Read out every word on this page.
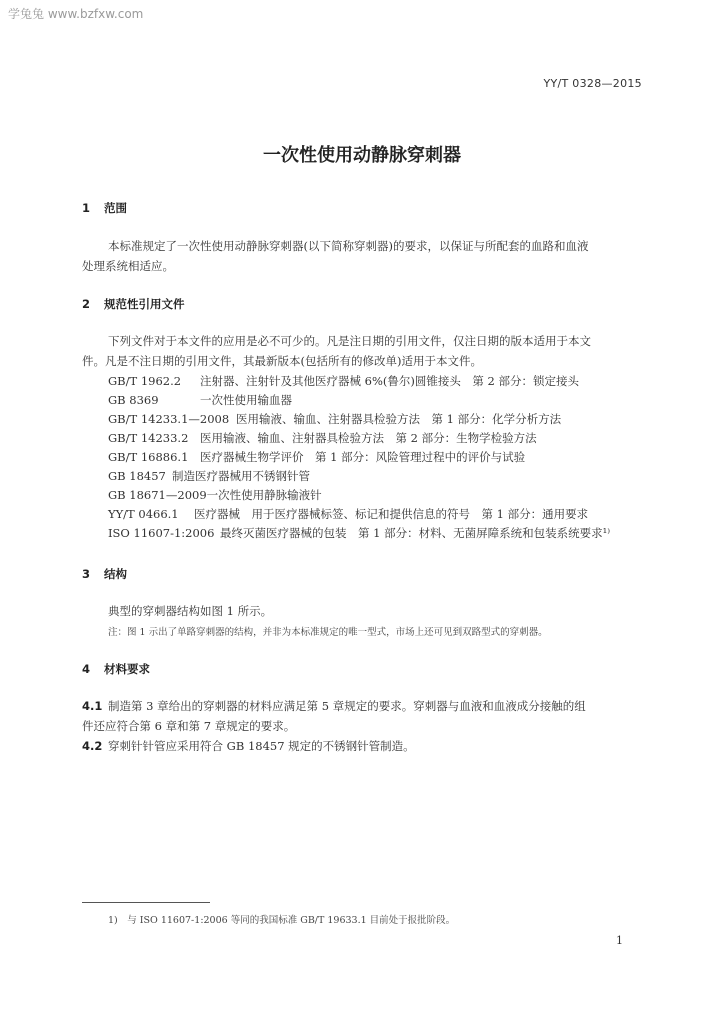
学兔兔 www.bzfxw.com
YY/T 0328—2015
一次性使用动静脉穿刺器
1 范围
本标准规定了一次性使用动静脉穿刺器(以下简称穿刺器)的要求，以保证与所配套的血路和血液
处理系统相适应。
2 规范性引用文件
下列文件对于本文件的应用是必不可少的。凡是注日期的引用文件，仅注日期的版本适用于本文
件。凡是不注日期的引用文件，其最新版本(包括所有的修改单)适用于本文件。
GB/T 1962.2 注射器、注射针及其他医疗器械 6%(鲁尔)圆锥接头　第 2 部分：锁定接头
GB 8369	一次性使用输血器
GB/T 14233.1—2008 医用输液、输血、注射器具检验方法　第 1 部分：化学分析方法
GB/T 14233.2 医用输液、输血、注射器具检验方法　第 2 部分：生物学检验方法
GB/T 16886.1 医疗器械生物学评价　第 1 部分：风险管理过程中的评价与试验
GB 18457 制造医疗器械用不锈钢针管
GB 18671—2009一次性使用静脉输液针
YY/T 0466.1 医疗器械　用于医疗器械标签、标记和提供信息的符号　第 1 部分：通用要求
ISO 11607-1:2006 最终灭菌医疗器械的包装　第 1 部分：材料、无菌屏障系统和包装系统要求¹⁾
3 结构
典型的穿刺器结构如图 1 所示。
注：图 1 示出了单路穿刺器的结构，并非为本标准规定的唯一型式，市场上还可见到双路型式的穿刺器。
4 材料要求
4.1 制造第 3 章给出的穿刺器的材料应满足第 5 章规定的要求。穿刺器与血液和血液成分接触的组
件还应符合第 6 章和第 7 章规定的要求。
4.2 穿刺针针管应采用符合 GB 18457 规定的不锈钢针管制造。
1)　与 ISO 11607-1:2006 等同的我国标准 GB/T 19633.1 目前处于报批阶段。
1
